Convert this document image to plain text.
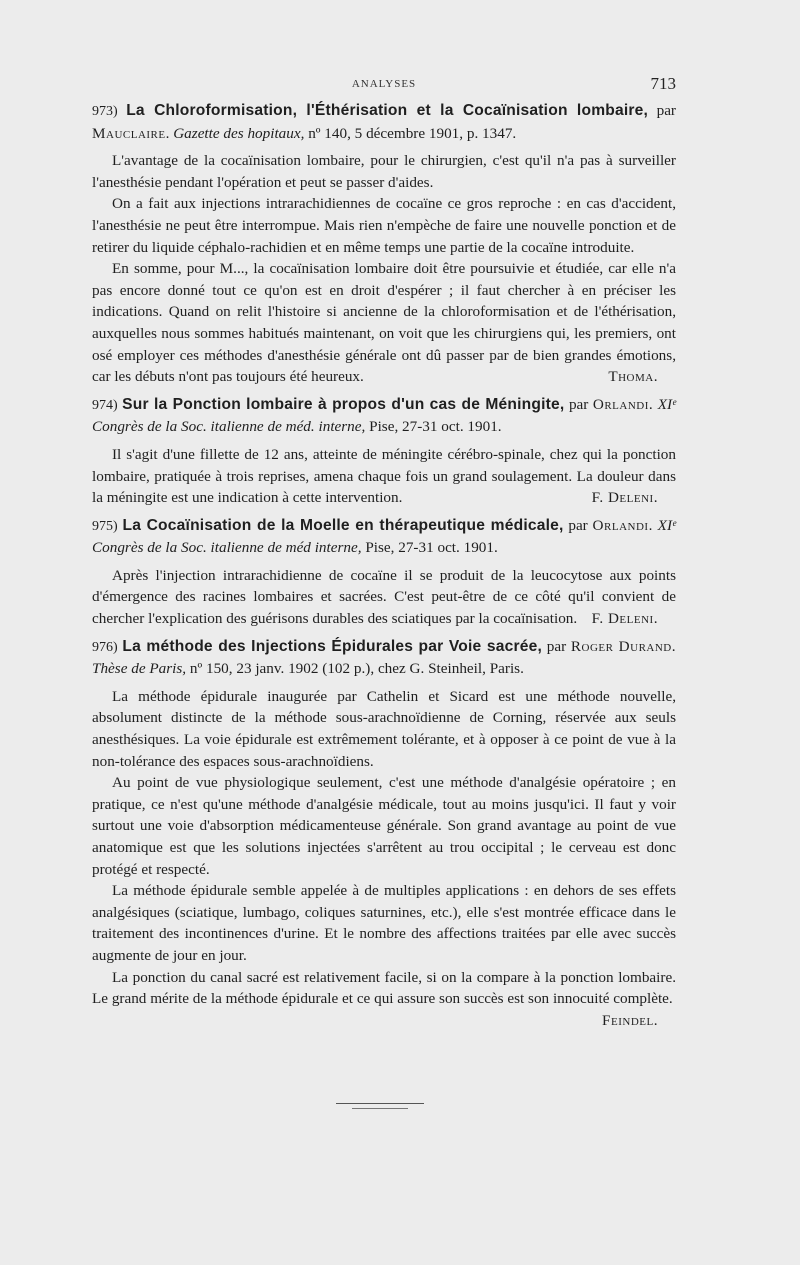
ANALYSES	713

973) La Chloroformisation, l'Éthérisation et la Cocaïnisation lombaire, par Mauclaire. Gazette des hopitaux, nº 140, 5 décembre 1901, p. 1347.

L'avantage de la cocaïnisation lombaire, pour le chirurgien, c'est qu'il n'a pas à surveiller l'anesthésie pendant l'opération et peut se passer d'aides.

On a fait aux injections intrarachidiennes de cocaïne ce gros reproche : en cas d'accident, l'anesthésie ne peut être interrompue. Mais rien n'empèche de faire une nouvelle ponction et de retirer du liquide céphalo-rachidien et en même temps une partie de la cocaïne introduite.

En somme, pour M..., la cocaïnisation lombaire doit être poursuivie et étudiée, car elle n'a pas encore donné tout ce qu'on est en droit d'espérer ; il faut chercher à en préciser les indications. Quand on relit l'histoire si ancienne de la chloroformisation et de l'éthérisation, auxquelles nous sommes habitués maintenant, on voit que les chirurgiens qui, les premiers, ont osé employer ces méthodes d'anesthésie générale ont dû passer par de bien grandes émotions, car les débuts n'ont pas toujours été heureux.	Thoma.

974) Sur la Ponction lombaire à propos d'un cas de Méningite, par Orlandi. XIᵉ Congrès de la Soc. italienne de méd. interne, Pise, 27-31 oct. 1901.

Il s'agit d'une fillette de 12 ans, atteinte de méningite cérébro-spinale, chez qui la ponction lombaire, pratiquée à trois reprises, amena chaque fois un grand soulagement. La douleur dans la méningite est une indication à cette intervention.	F. Deleni.

975) La Cocaïnisation de la Moelle en thérapeutique médicale, par Orlandi. XIᵉ Congrès de la Soc. italienne de méd interne, Pise, 27-31 oct. 1901.

Après l'injection intrarachidienne de cocaïne il se produit de la leucocytose aux points d'émergence des racines lombaires et sacrées. C'est peut-être de ce côté qu'il convient de chercher l'explication des guérisons durables des sciatiques par la cocaïnisation. F. Deleni.

976) La méthode des Injections Épidurales par Voie sacrée, par Roger Durand. Thèse de Paris, nº 150, 23 janv. 1902 (102 p.), chez G. Steinheil, Paris.

La méthode épidurale inaugurée par Cathelin et Sicard est une méthode nouvelle, absolument distincte de la méthode sous-arachnoïdienne de Corning, réservée aux seuls anesthésiques. La voie épidurale est extrêmement tolérante, et à opposer à ce point de vue à la non-tolérance des espaces sous-arachnoïdiens.

Au point de vue physiologique seulement, c'est une méthode d'analgésie opératoire ; en pratique, ce n'est qu'une méthode d'analgésie médicale, tout au moins jusqu'ici. Il faut y voir surtout une voie d'absorption médicamenteuse générale. Son grand avantage au point de vue anatomique est que les solutions injectées s'arrêtent au trou occipital ; le cerveau est donc protégé et respecté.

La méthode épidurale semble appelée à de multiples applications : en dehors de ses effets analgésiques (sciatique, lumbago, coliques saturnines, etc.), elle s'est montrée efficace dans le traitement des incontinences d'urine. Et le nombre des affections traitées par elle avec succès augmente de jour en jour.

La ponction du canal sacré est relativement facile, si on la compare à la ponction lombaire. Le grand mérite de la méthode épidurale et ce qui assure son succès est son innocuité complète.
Feindel.
